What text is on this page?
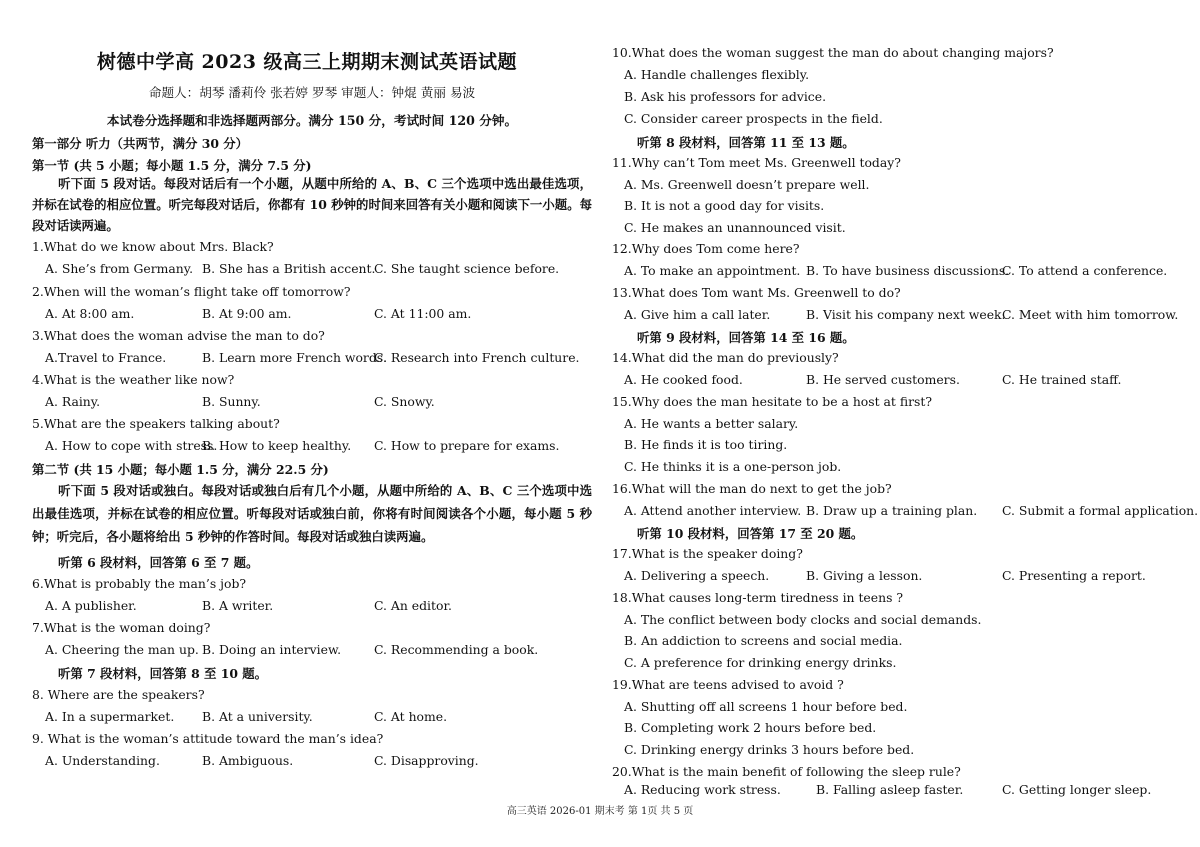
树德中学高 2023 级高三上期期末测试英语试题
命题人：胡琴 潘莉伶 张若婷 罗琴 审题人：钟焜 黄丽 易波
本试卷分选择题和非选择题两部分。满分 150 分，考试时间 120 分钟。
第一部分 听力（共两节，满分 30 分）
第一节 (共 5 小题；每小题 1.5 分，满分 7.5 分)
听下面 5 段对话。每段对话后有一个小题，从题中所给的 A、B、C 三个选项中选出最佳选项，并标在试卷的相应位置。听完每段对话后，你都有 10 秒钟的时间来回答有关小题和阅读下一小题。每段对话读两遍。
1.What do we know about Mrs. Black?
A. She’s from Germany. B. She has a British accent.
C. She taught science before.
2.When will the woman’s flight take off tomorrow?
A. At 8:00 am.	B. At 9:00 am.	C. At 11:00 am.
3.What does the woman advise the man to do?
A.Travel to France.	B. Learn more French words.
C. Research into French culture.
4.What is the weather like now?
A. Rainy.	B. Sunny.	C. Snowy.
5.What are the speakers talking about?
A. How to cope with stress.
B. How to keep healthy. C. How to prepare for exams.
第二节 (共 15 小题；每小题 1.5 分，满分 22.5 分)
听下面 5 段对话或独白。每段对话或独白后有几个小题，从题中所给的 A、B、C 三个选项中选出最佳选项，并标在试卷的相应位置。听每段对话或独白前，你将有时间阅读各个小题，每小题 5 秒钟；听完后，各小题将给出 5 秒钟的作答时间。每段对话或独白读两遍。
听第 6 段材料，回答第 6 至 7 题。
6.What is probably the man’s job?
A. A publisher.	B. A writer.	C. An editor.
7.What is the woman doing?
A. Cheering the man up. B. Doing an interview.	C. Recommending a book.
听第 7 段材料，回答第 8 至 10 题。
8. Where are the speakers?
A. In a supermarket. B. At a university.	C. At home.
9. What is the woman’s attitude toward the man’s idea?
A. Understanding.	B. Ambiguous.	C. Disapproving.
10.What does the woman suggest the man do about changing majors?
A. Handle challenges flexibly.
B. Ask his professors for advice.
C. Consider career prospects in the field.
听第 8 段材料，回答第 11 至 13 题。
11.Why can’t Tom meet Ms. Greenwell today?
A. Ms. Greenwell doesn’t prepare well.
B. It is not a good day for visits.
C. He makes an unannounced visit.
12.Why does Tom come here?
A. To make an appointment. B. To have business discussions.
C. To attend a conference.
13.What does Tom want Ms. Greenwell to do?
A. Give him a call later.	B. Visit his company next week.
C. Meet with him tomorrow.
听第 9 段材料，回答第 14 至 16 题。
14.What did the man do previously?
A. He cooked food.	B. He served customers.	C. He trained staff.
15.Why does the man hesitate to be a host at first?
A. He wants a better salary.
B. He finds it is too tiring.
C. He thinks it is a one-person job.
16.What will the man do next to get the job?
A. Attend another interview. B. Draw up a training plan. C. Submit a formal application.
听第 10 段材料，回答第 17 至 20 题。
17.What is the speaker doing?
A. Delivering a speech.	B. Giving a lesson.	C. Presenting a report.
18.What causes long-term tiredness in teens ?
A. The conflict between body clocks and social demands.
B. An addiction to screens and social media.
C. A preference for drinking energy drinks.
19.What are teens advised to avoid ?
A. Shutting off all screens 1 hour before bed.
B. Completing work 2 hours before bed.
C. Drinking energy drinks 3 hours before bed.
20.What is the main benefit of following the sleep rule?
A. Reducing work stress.	B. Falling asleep faster.	C. Getting longer sleep.
高三英语 2026-01 期末考 第 1页 共 5 页
